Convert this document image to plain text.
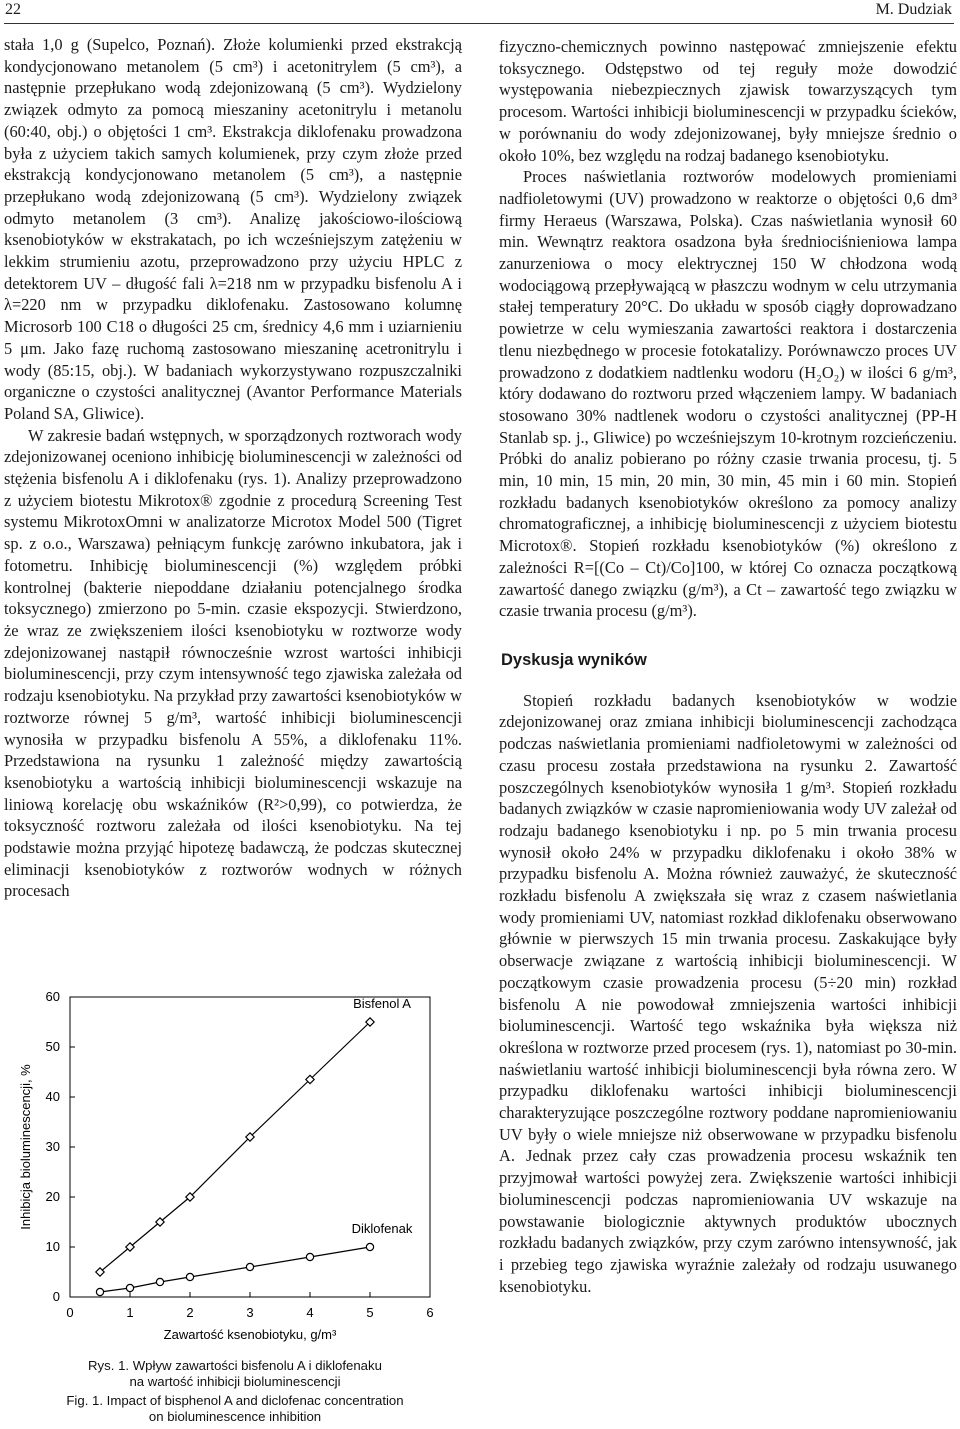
22	M. Dudziak

stała 1,0 g (Supelco, Poznań). Złoże kolumienki przed ekstrakcją kondycjonowano metanolem (5 cm³) i acetonitrylem (5 cm³), a następnie przepłukano wodą zdejonizowaną (5 cm³). Wydzielony związek odmyto za pomocą mieszaniny acetonitrylu i metanolu (60:40, obj.) o objętości 1 cm³. Ekstrakcja diklofenaku prowadzona była z użyciem takich samych kolumienek, przy czym złoże przed ekstrakcją kondycjonowano metanolem (5 cm³), a następnie przepłukano wodą zdejonizowaną (5 cm³). Wydzielony związek odmyto metanolem (3 cm³). Analizę jakościowo-ilościową ksenobiotyków w ekstrakatach, po ich wcześniejszym zatężeniu w lekkim strumieniu azotu, przeprowadzono przy użyciu HPLC z detektorem UV – długość fali λ=218 nm w przypadku bisfenolu A i λ=220 nm w przypadku diklofenaku. Zastosowano kolumnę Microsorb 100 C18 o długości 25 cm, średnicy 4,6 mm i uziarnieniu 5 μm. Jako fazę ruchomą zastosowano mieszaninę acetronitrylu i wody (85:15, obj.). W badaniach wykorzystywano rozpuszczalniki organiczne o czystości analitycznej (Avantor Performance Materials Poland SA, Gliwice).

W zakresie badań wstępnych, w sporządzonych roztworach wody zdejonizowanej oceniono inhibicję bioluminescencji w zależności od stężenia bisfenolu A i diklofenaku (rys. 1). Analizy przeprowadzono z użyciem biotestu Mikrotox® zgodnie z procedurą Screening Test systemu MikrotoxOmni w analizatorze Microtox Model 500 (Tigret sp. z o.o., Warszawa) pełniącym funkcję zarówno inkubatora, jak i fotometru. Inhibicję bioluminescencji (%) względem próbki kontrolnej (bakterie niepoddane działaniu potencjalnego środka toksycznego) zmierzono po 5-min. czasie ekspozycji. Stwierdzono, że wraz ze zwiększeniem ilości ksenobiotyku w roztworze wody zdejonizowanej nastąpił równocześnie wzrost wartości inhibicji bioluminescencji, przy czym intensywność tego zjawiska zależała od rodzaju ksenobiotyku. Na przykład przy zawartości ksenobiotyków w roztworze równej 5 g/m³, wartość inhibicji bioluminescencji wynosiła w przypadku bisfenolu A 55%, a diklofenaku 11%. Przedstawiona na rysunku 1 zależność między zawartością ksenobiotyku a wartością inhibicji bioluminescencji wskazuje na liniową korelację obu wskaźników (R²>0,99), co potwierdza, że toksyczność roztworu zależała od ilości ksenobiotyku. Na tej podstawie można przyjąć hipotezę badawczą, że podczas skutecznej eliminacji ksenobiotyków z roztworów wodnych w różnych procesach

fizyczno-chemicznych powinno następować zmniejszenie efektu toksycznego. Odstępstwo od tej reguły może dowodzić występowania niebezpiecznych zjawisk towarzyszących tym procesom. Wartości inhibicji bioluminescencji w przypadku ścieków, w porównaniu do wody zdejonizowanej, były mniejsze średnio o około 10%, bez względu na rodzaj badanego ksenobiotyku.

Proces naświetlania roztworów modelowych promieniami nadfioletowymi (UV) prowadzono w reaktorze o objętości 0,6 dm³ firmy Heraeus (Warszawa, Polska). Czas naświetlania wynosił 60 min. Wewnątrz reaktora osadzona była średniociśnieniowa lampa zanurzeniowa o mocy elektrycznej 150 W chłodzona wodą wodociągową przepływającą w płaszczu wodnym w celu utrzymania stałej temperatury 20°C. Do układu w sposób ciągły doprowadzano powietrze w celu wymieszania zawartości reaktora i dostarczenia tlenu niezbędnego w procesie fotokatalizy. Porównawczo proces UV prowadzono z dodatkiem nadtlenku wodoru (H₂O₂) w ilości 6 g/m³, który dodawano do roztworu przed włączeniem lampy. W badaniach stosowano 30% nadtlenek wodoru o czystości analitycznej (PP-H Stanlab sp. j., Gliwice) po wcześniejszym 10-krotnym rozcieńczeniu. Próbki do analiz pobierano po różny czasie trwania procesu, tj. 5 min, 10 min, 15 min, 20 min, 30 min, 45 min i 60 min. Stopień rozkładu badanych ksenobiotyków określono za pomocy analizy chromatograficznej, a inhibicję bioluminescencji z użyciem biotestu Microtox®. Stopień rozkładu ksenobiotyków (%) określono z zależności R=[(Co – Ct)/Co]100, w której Co oznacza początkową zawartość danego związku (g/m³), a Ct – zawartość tego związku w czasie trwania procesu (g/m³).

Dyskusja wyników

Stopień rozkładu badanych ksenobiotyków w wodzie zdejonizowanej oraz zmiana inhibicji bioluminescencji zachodząca podczas naświetlania promieniami nadfioletowymi w zależności od czasu procesu została przedstawiona na rysunku 2. Zawartość poszczególnych ksenobiotyków wynosiła 1 g/m³. Stopień rozkładu badanych związków w czasie napromieniowania wody UV zależał od rodzaju badanego ksenobiotyku i np. po 5 min trwania procesu wynosił około 24% w przypadku diklofenaku i około 38% w przypadku bisfenolu A. Można również zauważyć, że skuteczność rozkładu bisfenolu A zwiększała się wraz z czasem naświetlania wody promieniami UV, natomiast rozkład diklofenaku obserwowano głównie w pierwszych 15 min trwania procesu. Zaskakujące były obserwacje związane z wartością inhibicji bioluminescencji. W początkowym czasie prowadzenia procesu (5÷20 min) rozkład bisfenolu A nie powodował zmniejszenia wartości inhibicji bioluminescencji. Wartość tego wskaźnika była większa niż określona w roztworze przed procesem (rys. 1), natomiast po 30-min. naświetlaniu wartość inhibicji bioluminescencji była równa zero. W przypadku diklofenaku wartości inhibicji bioluminescencji charakteryzujące poszczególne roztwory poddane napromieniowaniu UV były o wiele mniejsze niż obserwowane w przypadku bisfenolu A. Jednak przez cały czas prowadzenia procesu wskaźnik ten przyjmował wartości powyżej zera. Zwiększenie wartości inhibicji bioluminescencji podczas napromieniowania UV wskazuje na powstawanie biologicznie aktywnych produktów ubocznych rozkładu badanych związków, przy czym zarówno intensywność, jak i przebieg tego zjawiska wyraźnie zależały od rodzaju usuwanego ksenobiotyku.

0	1	2	3	4	5	6
0
10
20
30
40
50
60
Zawartość ksenobiotyku, g/m³
Inhibicja bioluminescencji, %
Bisfenol A
Diklofenak
Rys. 1. Wpływ zawartości bisfenolu A i diklofenaku
na wartość inhibicji bioluminescencji
Fig. 1. Impact of bisphenol A and diclofenac concentration
on bioluminescence inhibition
